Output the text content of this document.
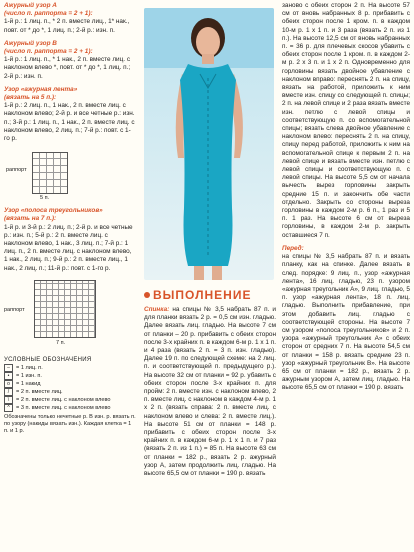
Ажурный узор А
(число п. раппорта = 2 + 1):
1-й р.: 1 лиц. п., * 2 п. вместе лиц., 1* нак., повт. от * до *, 1 лиц. п.; 2-й р.: изн. п.
Ажурный узор В
(число п. раппорта = 2 + 1):
1-й р.: 1 лиц. п., * 1 нак., 2 п. вместе лиц. с наклоном влево *, повт. от * до *, 1 лиц. п.; 2-й р.: изн. п.
Узор «ажурная лента»
(вязать на 5 п.):
1-й р.: 2 лиц. п., 1 нак., 2 п. вместе лиц. с наклоном влево; 2-й р. и все четные р.: изн. п.; 3-й р.: 1 лиц. п., 1 нак., 2 п. вместе лиц. с наклоном влево, 2 лиц. п.; 7-й р.: повт. с 1-го р.
раппорт
5 п.
Узор «полоса треугольников»
(вязать на 7 п.):
1-й р. и 3-й р.: 2 лиц. п.; 2-й р. и все четные р.: изн. п.; 5-й р.: 2 п. вместе лиц. с наклоном влево, 1 нак., 3 лиц. п.; 7-й р.: 1 лиц. п., 2 п. вместе лиц. с наклоном влево, 1 нак., 2 лиц. п.; 9-й р.: 2 п. вместе лиц., 1 нак., 2 лиц. п.; 11-й р.: повт. с 1-го р.
раппорт
7 п.
УСЛОВНЫЕ ОБОЗНАЧЕНИЯ
–	= 1 лиц. п.
•	= 1 изн. п.
o	= 1 накид
/	= 2 п. вместе лиц.
\	= 2 п. вместе лиц. с наклоном влево
^	= 3 п. вместе лиц. с наклоном влево
Обозначены только нечетные р. В изн. р. вязать п. по узору (накиды вязать изн.). Каждая клетка = 1 п. и 1 р.
ВЫПОЛНЕНИЕ
Спинка: на спицы № 3,5 набрать 87 п. и для планки вязать 2 р. = 0,5 см изн. гладью. Далее вязать лиц. гладью. На высоте 7 см от планки – 20 р. прибавить с обеих сторон после 3-х крайних п. в каждом 6-м р. 1 х 1 п. и 4 раза (вязать 2 п. = 3 п. изн. гладью). Далее 19 п. по следующей схеме: на 2 лиц. п. и соответствующей п. предыдущего р.). На высоте 32 см от планки = 92 р. убавить с обеих сторон после 3-х крайних п. для пройм: 2 п. вместе изн. с наклоном влево, 2 п. вместе лиц. с наклоном в каждом 4-м р. 1 х 2 п. (вязать справа: 2 п. вместе лиц. с наклоном влево и слева: 2 п. вместе лиц.). На высоте 51 см от планки = 148 р. прибавить с обеих сторон после 3-х крайних п. в каждом 6-м р. 1 х 1 п. и 7 раз (вязать 2 п. из 1 п.) = 85 п. На высоте 63 см от планки = 182 р., вязать 2 р. ажурный узор А, затем продолжить лиц. гладью. На высоте 65,5 см от планки = 190 р. вязать
заново с обеих сторон 2 п. На высоте 57 см от вновь набранных 8 р. прибавить с обеих сторон после 1 кром. п. в каждом 10-м р. 1 х 1 п. и 3 раза (вязать 2 п. из 1 п.). На высоте 12,5 см от вновь набранных п. = 36 р. для плечевых скосов убавить с обеих сторон после 1 кром. п. в каждом 2-м р. 2 х 3 п. и 1 х 2 п. Одновременно для горловины вязать двойное убавление с наклоном вправо: переснять 2 п. на спицу, вязать на работой, приложить к ним вместе изн. спицу со следующей п. спицы; 2 п. на левой спице и 2 раза вязать вместе изн. петлю с левой спицы и соответствующую п. со вспомогательной спицы; вязать слева двойное убавление с наклоном влево: переснять 2 п. на спицу, спицу перед работой, приложить к ним на вспомогательной спице к первым 2 п. на левой спице и вязать вместе изн. петлю с левой спицы и соответствующую п. с левой спицы. На высоте 5,5 см от начала вычесть вырез горловины закрыть средние 15 п. и закончить обе части отдельно. Закрыть со стороны выреза горловины в каждом 2-м р. 6 п., 1 раз и 5 п. 1 раз. На высоте 6 см от выреза горловины, в каждом 2-м р. закрыть оставшиеся 7 п.
Перед:
на спицы № 3,5 набрать 87 п. и вязать планку, как на спинке. Далее вязать в след. порядке: 9 лиц. п., узор «ажурная лента», 16 лиц. гладью, 23 п. узором «ажурная треугольник А», 9 лиц. гладью, 5 п. узор «ажурная лента», 18 п. лиц. гладью. Выполнить прибавление, при этом добавить лиц. гладью с соответствующей стороны. На высоте 7 см узором «полоса треугольников» и 2 п. узора «ажурный треугольник А» с обеих сторон от средних 7 п. На высоте 54,5 см от планки = 158 р. вязать средние 23 п. узор «ажурный треугольник В». На высоте 65 см от планки = 182 р., вязать 2 р. ажурным узором А, затем лиц. гладью. На высоте 65,5 см от планки = 190 р. вязать
